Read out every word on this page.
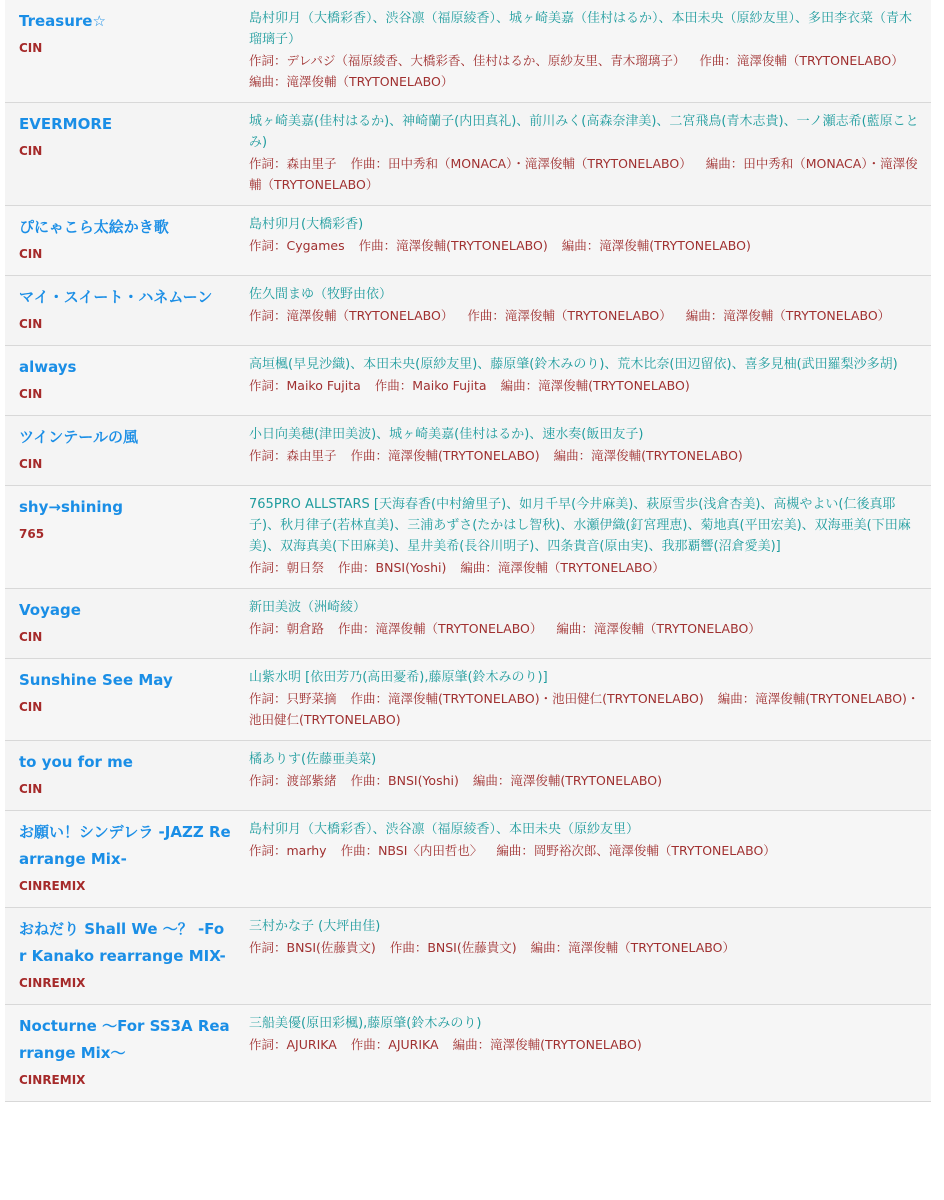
Treasure☆
CIN
島村卯月（大橋彩香）、渋谷凛（福原綾香）、城ヶ崎美嘉（佳村はるか）、本田未央（原紗友里）、多田李衣菜（青木瑠璃子）
作詞：デレパジ（福原綾香、大橋彩香、佳村はるか、原紗友里、青木瑠璃子） 作曲：滝澤俊輔（TRYTONELABO）編曲：滝澤俊輔（TRYTONELABO）
EVERMORE
CIN
城ヶ崎美嘉(佳村はるか)、神崎蘭子(内田真礼)、前川みく(高森奈津美)、二宮飛鳥(青木志貴)、一ノ瀬志希(藍原ことみ)
作詞：森由里子 作曲：田中秀和（MONACA）・滝澤俊輔（TRYTONELABO） 編曲：田中秀和（MONACA）・滝澤俊輔（TRYTONELABO）
ぴにゃこら太絵かき歌
CIN
島村卯月(大橋彩香)
作詞：Cygames 作曲：滝澤俊輔(TRYTONELABO) 編曲：滝澤俊輔(TRYTONELABO)
マイ・スイート・ハネムーン
CIN
佐久間まゆ（牧野由依）
作詞：滝澤俊輔（TRYTONELABO） 作曲：滝澤俊輔（TRYTONELABO） 編曲：滝澤俊輔（TRYTONELABO）
always
CIN
高垣楓(早見沙織)、本田未央(原紗友里)、藤原肇(鈴木みのり)、荒木比奈(田辺留依)、喜多見柚(武田羅梨沙多胡)
作詞：Maiko Fujita 作曲：Maiko Fujita 編曲：滝澤俊輔(TRYTONELABO)
ツインテールの風
CIN
小日向美穂(津田美波)、城ヶ崎美嘉(佳村はるか)、速水奏(飯田友子)
作詞：森由里子 作曲：滝澤俊輔(TRYTONELABO) 編曲：滝澤俊輔(TRYTONELABO)
shy→shining
765
765PRO ALLSTARS [天海春香(中村繪里子)、如月千早(今井麻美)、萩原雪歩(浅倉杏美)、高槻やよい(仁後真耶子)、秋月律子(若林直美)、三浦あずさ(たかはし智秋)、水瀬伊織(釘宮理恵)、菊地真(平田宏美)、双海亜美(下田麻美)、双海真美(下田麻美)、星井美希(長谷川明子)、四条貴音(原由実)、我那覇響(沼倉愛美)]
作詞：朝日祭 作曲：BNSI(Yoshi) 編曲：滝澤俊輔（TRYTONELABO）
Voyage
CIN
新田美波（洲崎綾）
作詞：朝倉路 作曲：滝澤俊輔（TRYTONELABO） 編曲：滝澤俊輔（TRYTONELABO）
Sunshine See May
CIN
山紫水明 [依田芳乃(高田憂希),藤原肇(鈴木みのり)]
作詞：只野菜摘 作曲：滝澤俊輔(TRYTONELABO)・池田健仁(TRYTONELABO) 編曲：滝澤俊輔(TRYTONELABO)・池田健仁(TRYTONELABO)
to you for me
CIN
橘ありす(佐藤亜美菜)
作詞：渡部紫緒 作曲：BNSI(Yoshi) 編曲：滝澤俊輔(TRYTONELABO)
お願い！シンデレラ -JAZZ Rearrange Mix-
CINREMIX
島村卯月（大橋彩香）、渋谷凛（福原綾香）、本田未央（原紗友里）
作詞：marhy 作曲：NBSI〈内田哲也〉 編曲：岡野裕次郎、滝澤俊輔（TRYTONELABO）
おねだり Shall We ～？ -For Kanako rearrange MIX-
CINREMIX
三村かな子 (大坪由佳)
作詞：BNSI(佐藤貴文) 作曲：BNSI(佐藤貴文) 編曲：滝澤俊輔（TRYTONELABO）
Nocturne ～For SS3A Rearrange Mix～
CINREMIX
三船美優(原田彩楓),藤原肇(鈴木みのり)
作詞：AJURIKA 作曲：AJURIKA 編曲：滝澤俊輔(TRYTONELABO)
